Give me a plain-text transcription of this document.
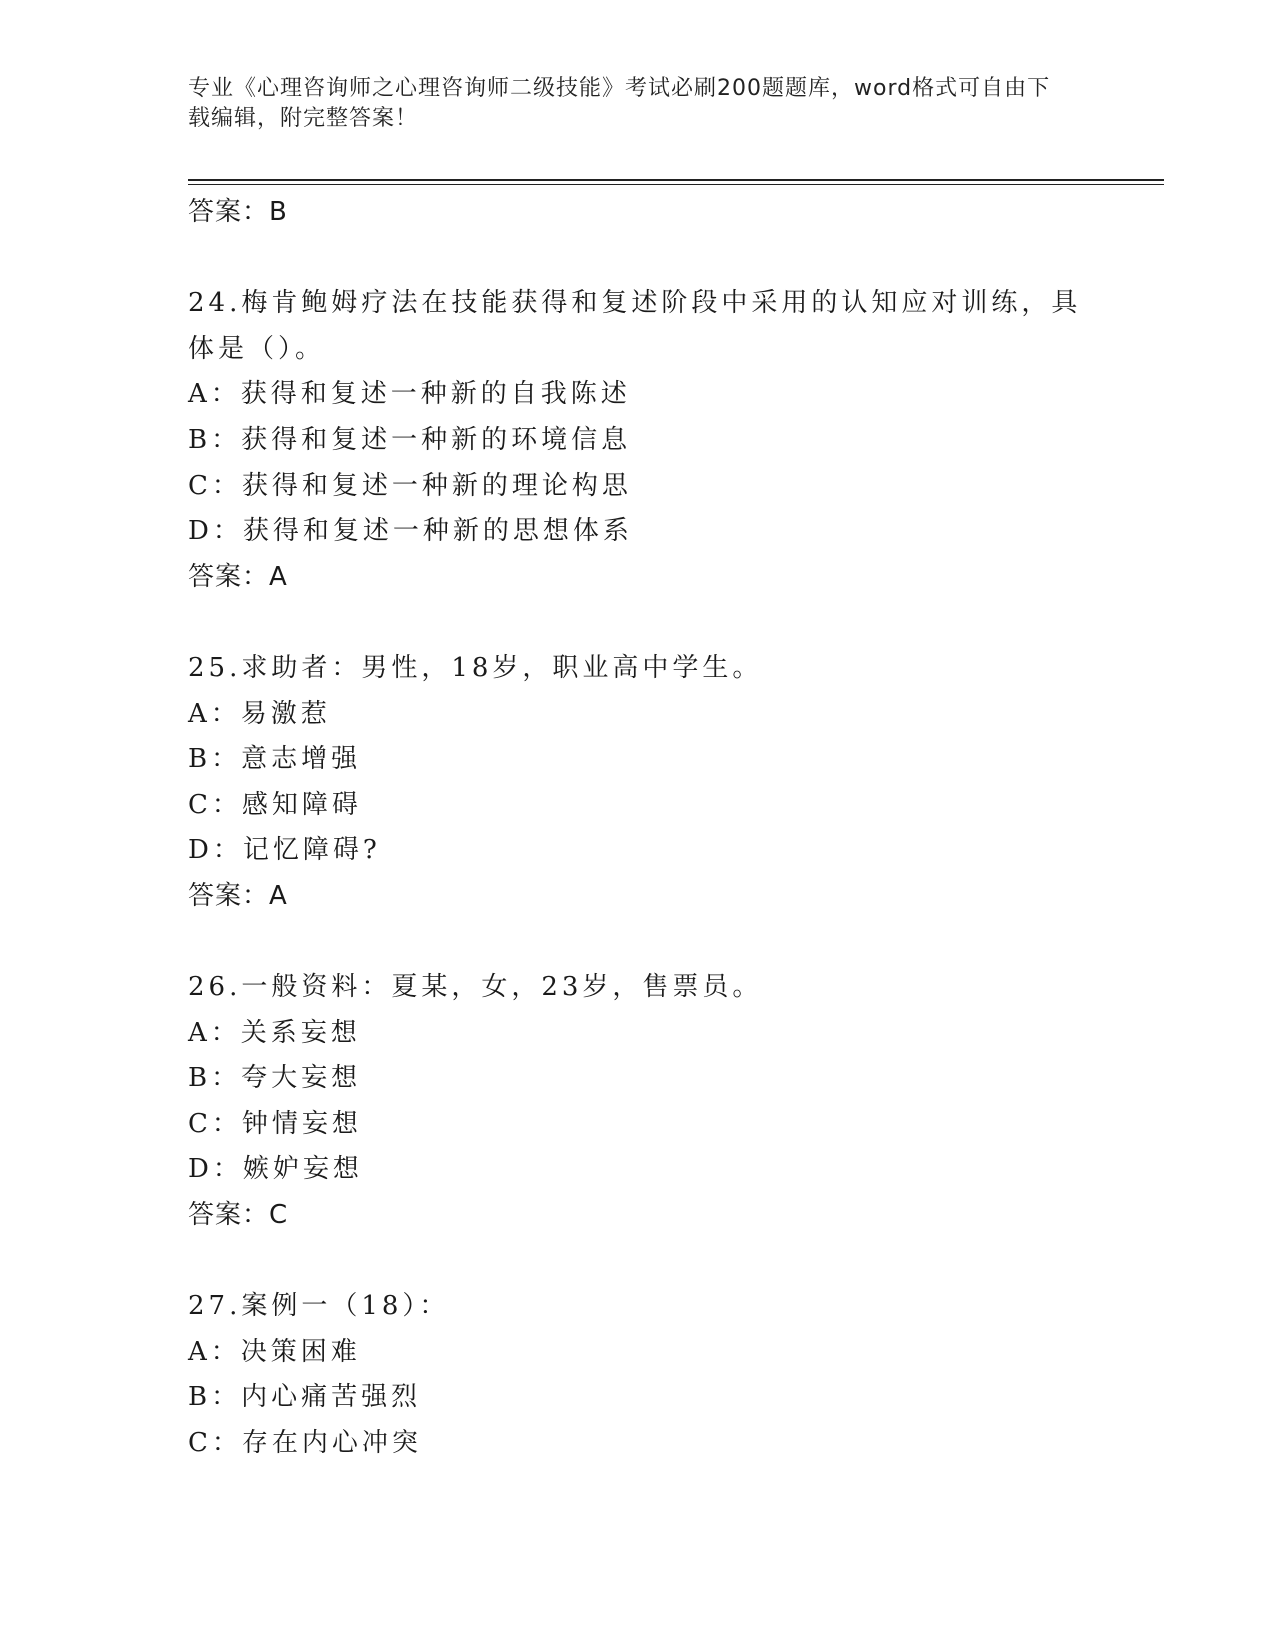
专业《心理咨询师之心理咨询师二级技能》考试必刷200题题库，word格式可自由下载编辑，附完整答案！

答案：B

24.梅肯鲍姆疗法在技能获得和复述阶段中采用的认知应对训练，具体是（）。

A：获得和复述一种新的自我陈述

B：获得和复述一种新的环境信息

C：获得和复述一种新的理论构思

D：获得和复述一种新的思想体系

答案：A

25.求助者：男性，18岁，职业高中学生。

A：易激惹

B：意志增强

C：感知障碍

D：记忆障碍?

答案：A

26.一般资料：夏某，女，23岁，售票员。

A：关系妄想

B：夸大妄想

C：钟情妄想

D：嫉妒妄想

答案：C

27.案例一（18）：

A：决策困难

B：内心痛苦强烈

C：存在内心冲突
